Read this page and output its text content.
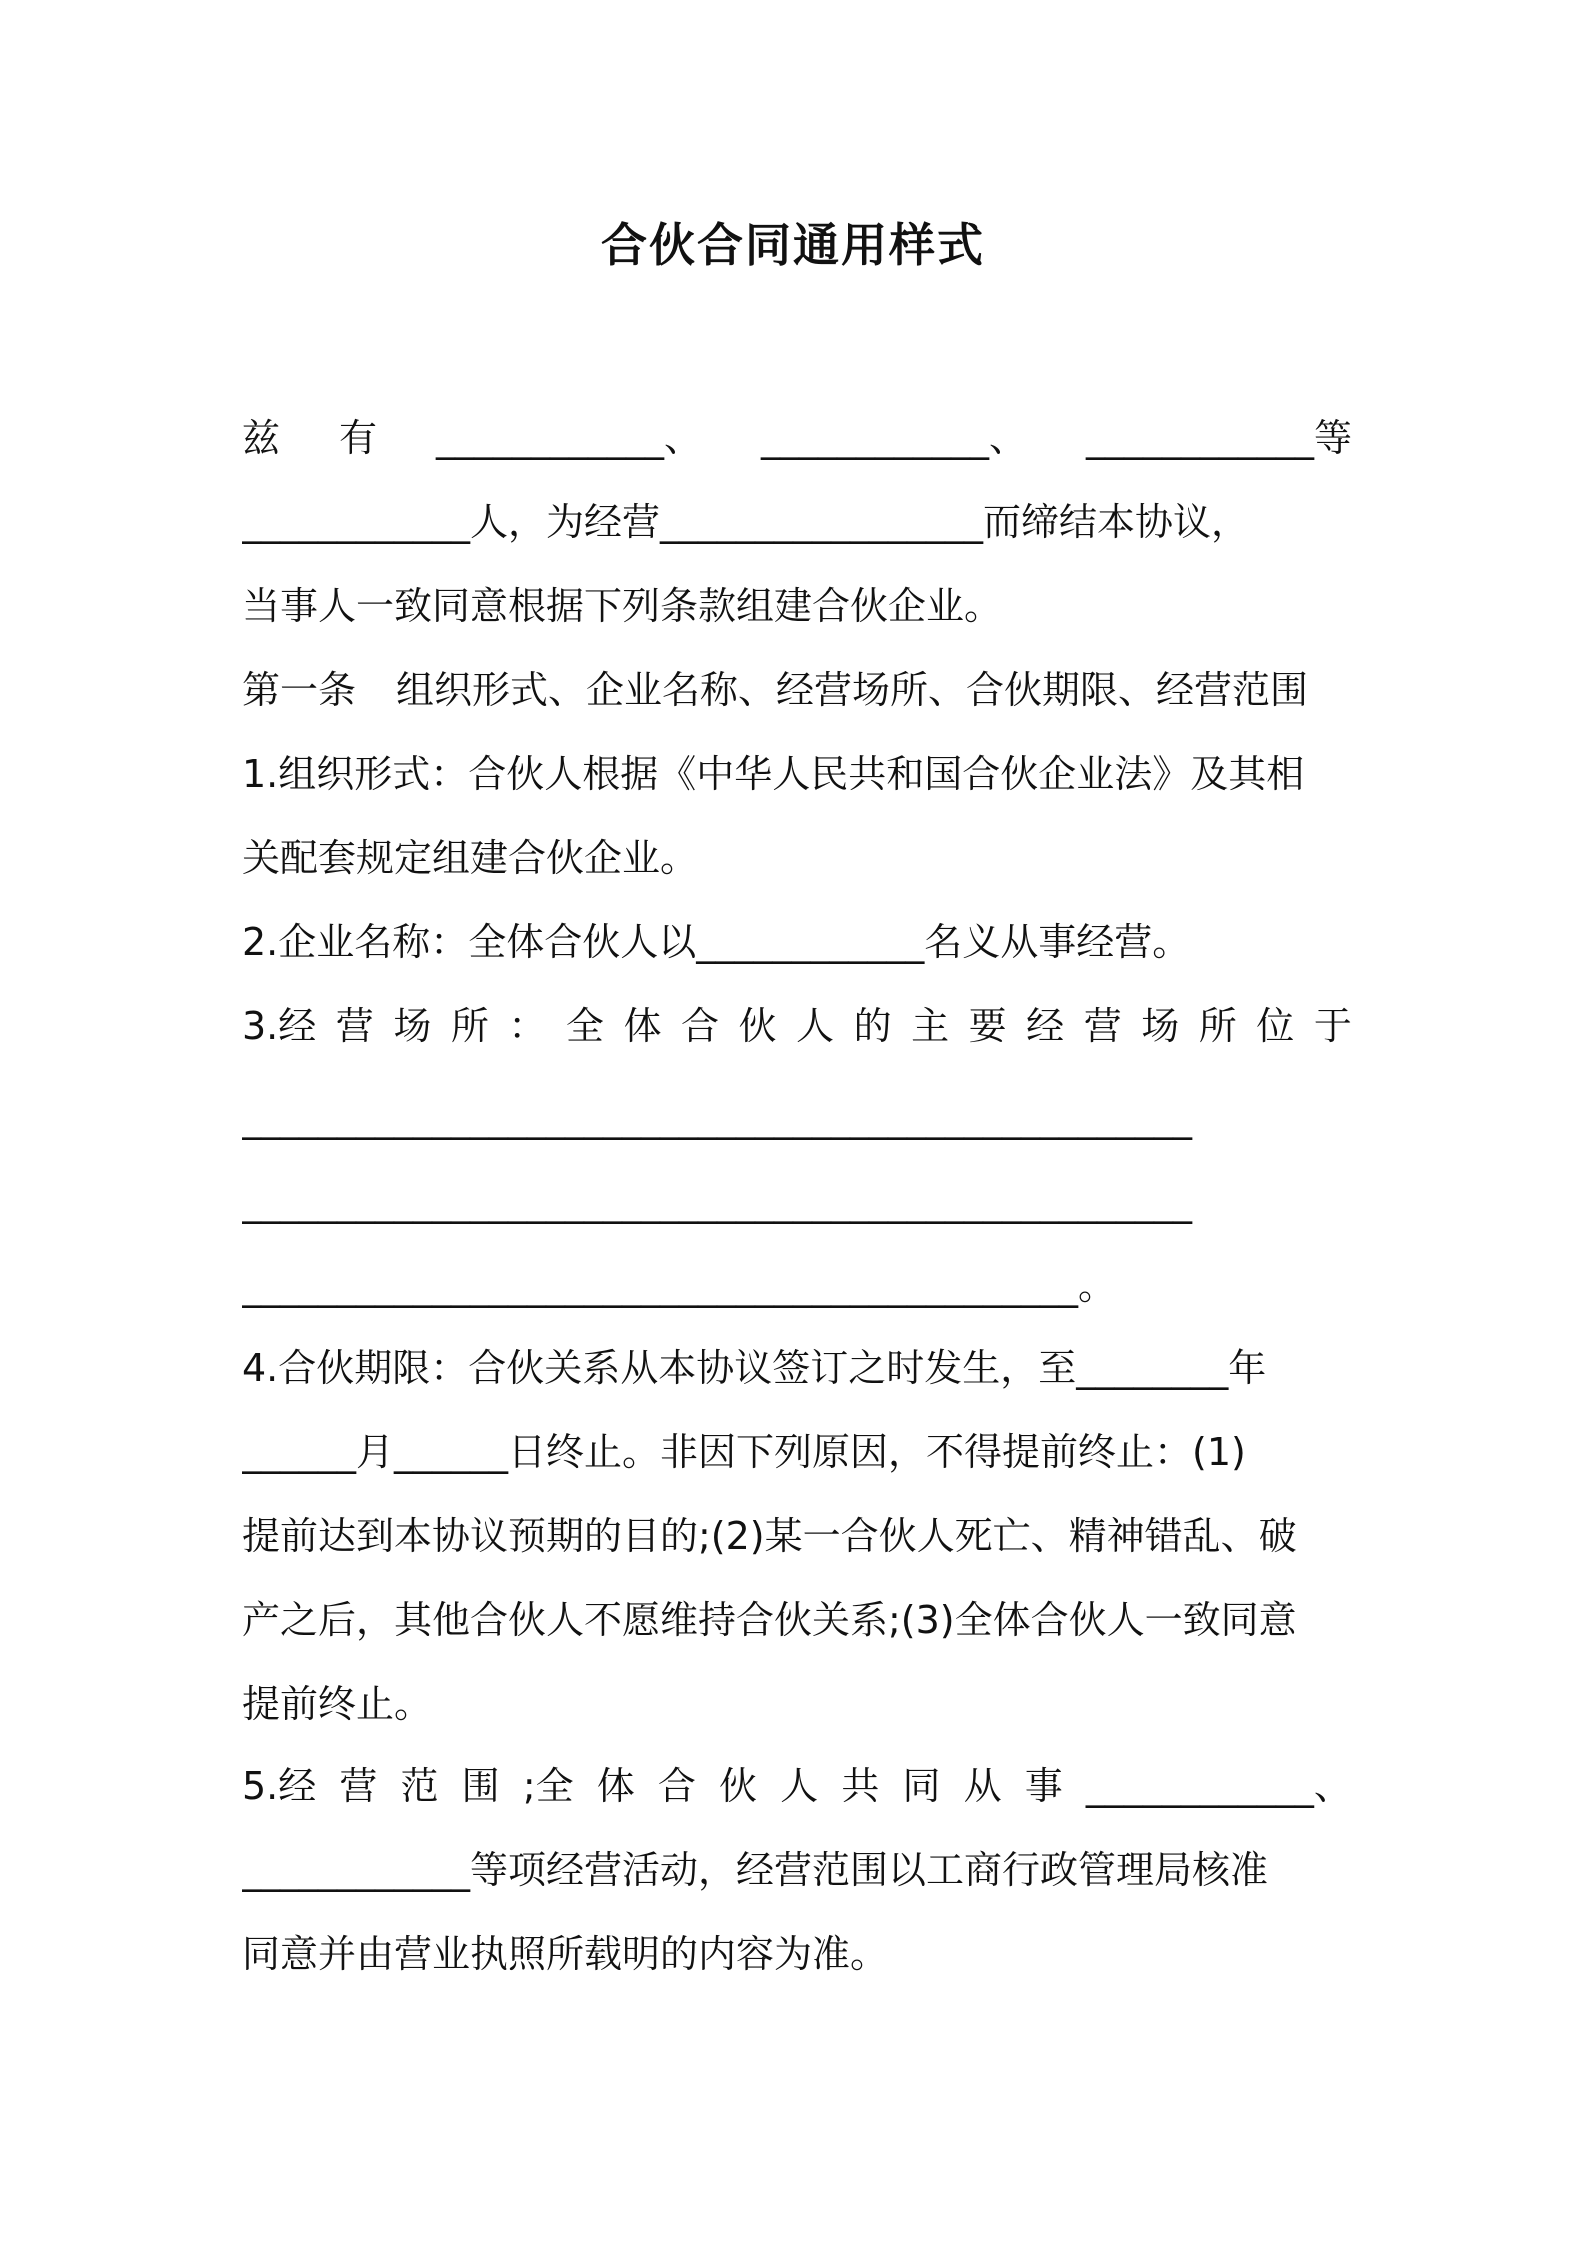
合伙合同通用样式
兹 有 ____________、 ____________、 ____________等
____________人，为经营_________________而缔结本协议，
当事人一致同意根据下列条款组建合伙企业。
第一条 组织形式、企业名称、经营场所、合伙期限、经营范围
1.组织形式：合伙人根据《中华人民共和国合伙企业法》及其相
关配套规定组建合伙企业。
2.企业名称：全体合伙人以____________名义从事经营。
3.经 营 场 所 ： 全 体 合 伙 人 的 主 要 经 营 场 所 位 于
__________________________________________________
__________________________________________________
____________________________________________。
4.合伙期限：合伙关系从本协议签订之时发生，至________年
______月______日终止。非因下列原因，不得提前终止：(1)
提前达到本协议预期的目的;(2)某一合伙人死亡、精神错乱、破
产之后，其他合伙人不愿维持合伙关系;(3)全体合伙人一致同意
提前终止。
5.经 营 范 围 ;全 体 合 伙 人 共 同 从 事 ____________、
____________等项经营活动，经营范围以工商行政管理局核准
同意并由营业执照所载明的内容为准。
